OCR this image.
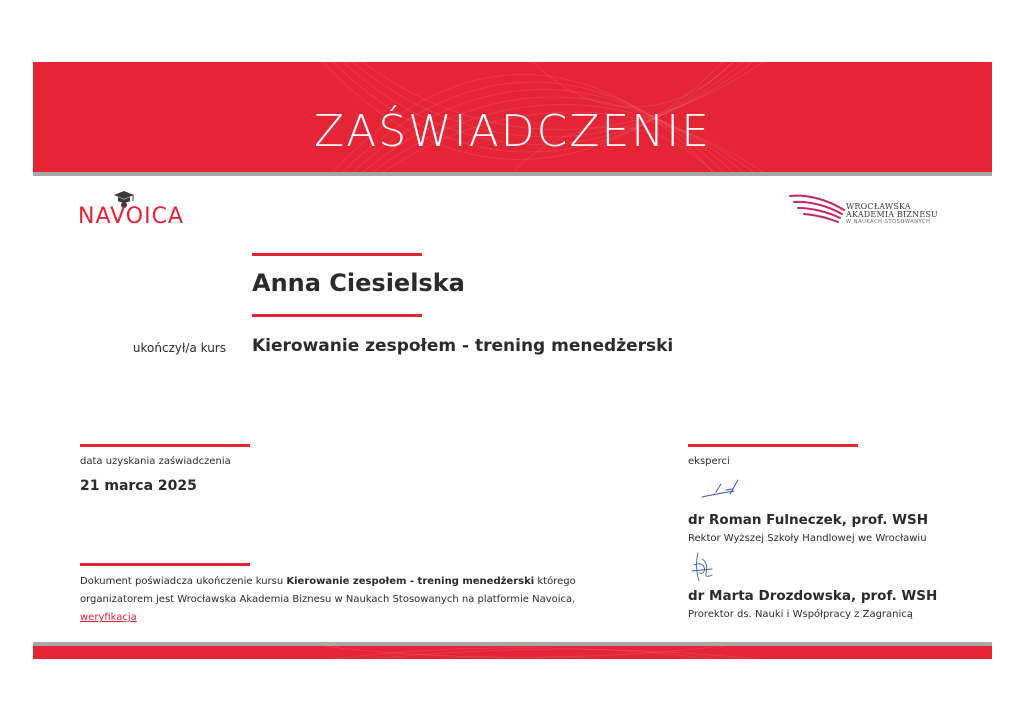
ZAŚWIADCZENIE
NAVOICA	WROCŁAWSKA
AKADEMIA BIZNESU
W NAUKACH STOSOWANYCH
Anna Ciesielska
ukończył/a kurs Kierowanie zespołem - trening menedżerski
data uzyskania zaświadczenia
21 marca 2025
Dokument poświadcza ukończenie kursu Kierowanie zespołem - trening menedżerski którego organizatorem jest Wrocławska Akademia Biznesu w Naukach Stosowanych na platformie Navoica,
weryfikacja
eksperci
dr Roman Fulneczek, prof. WSH
Rektor Wyższej Szkoły Handlowej we Wrocławiu
dr Marta Drozdowska, prof. WSH
Prorektor ds. Nauki i Współpracy z Zagranicą
